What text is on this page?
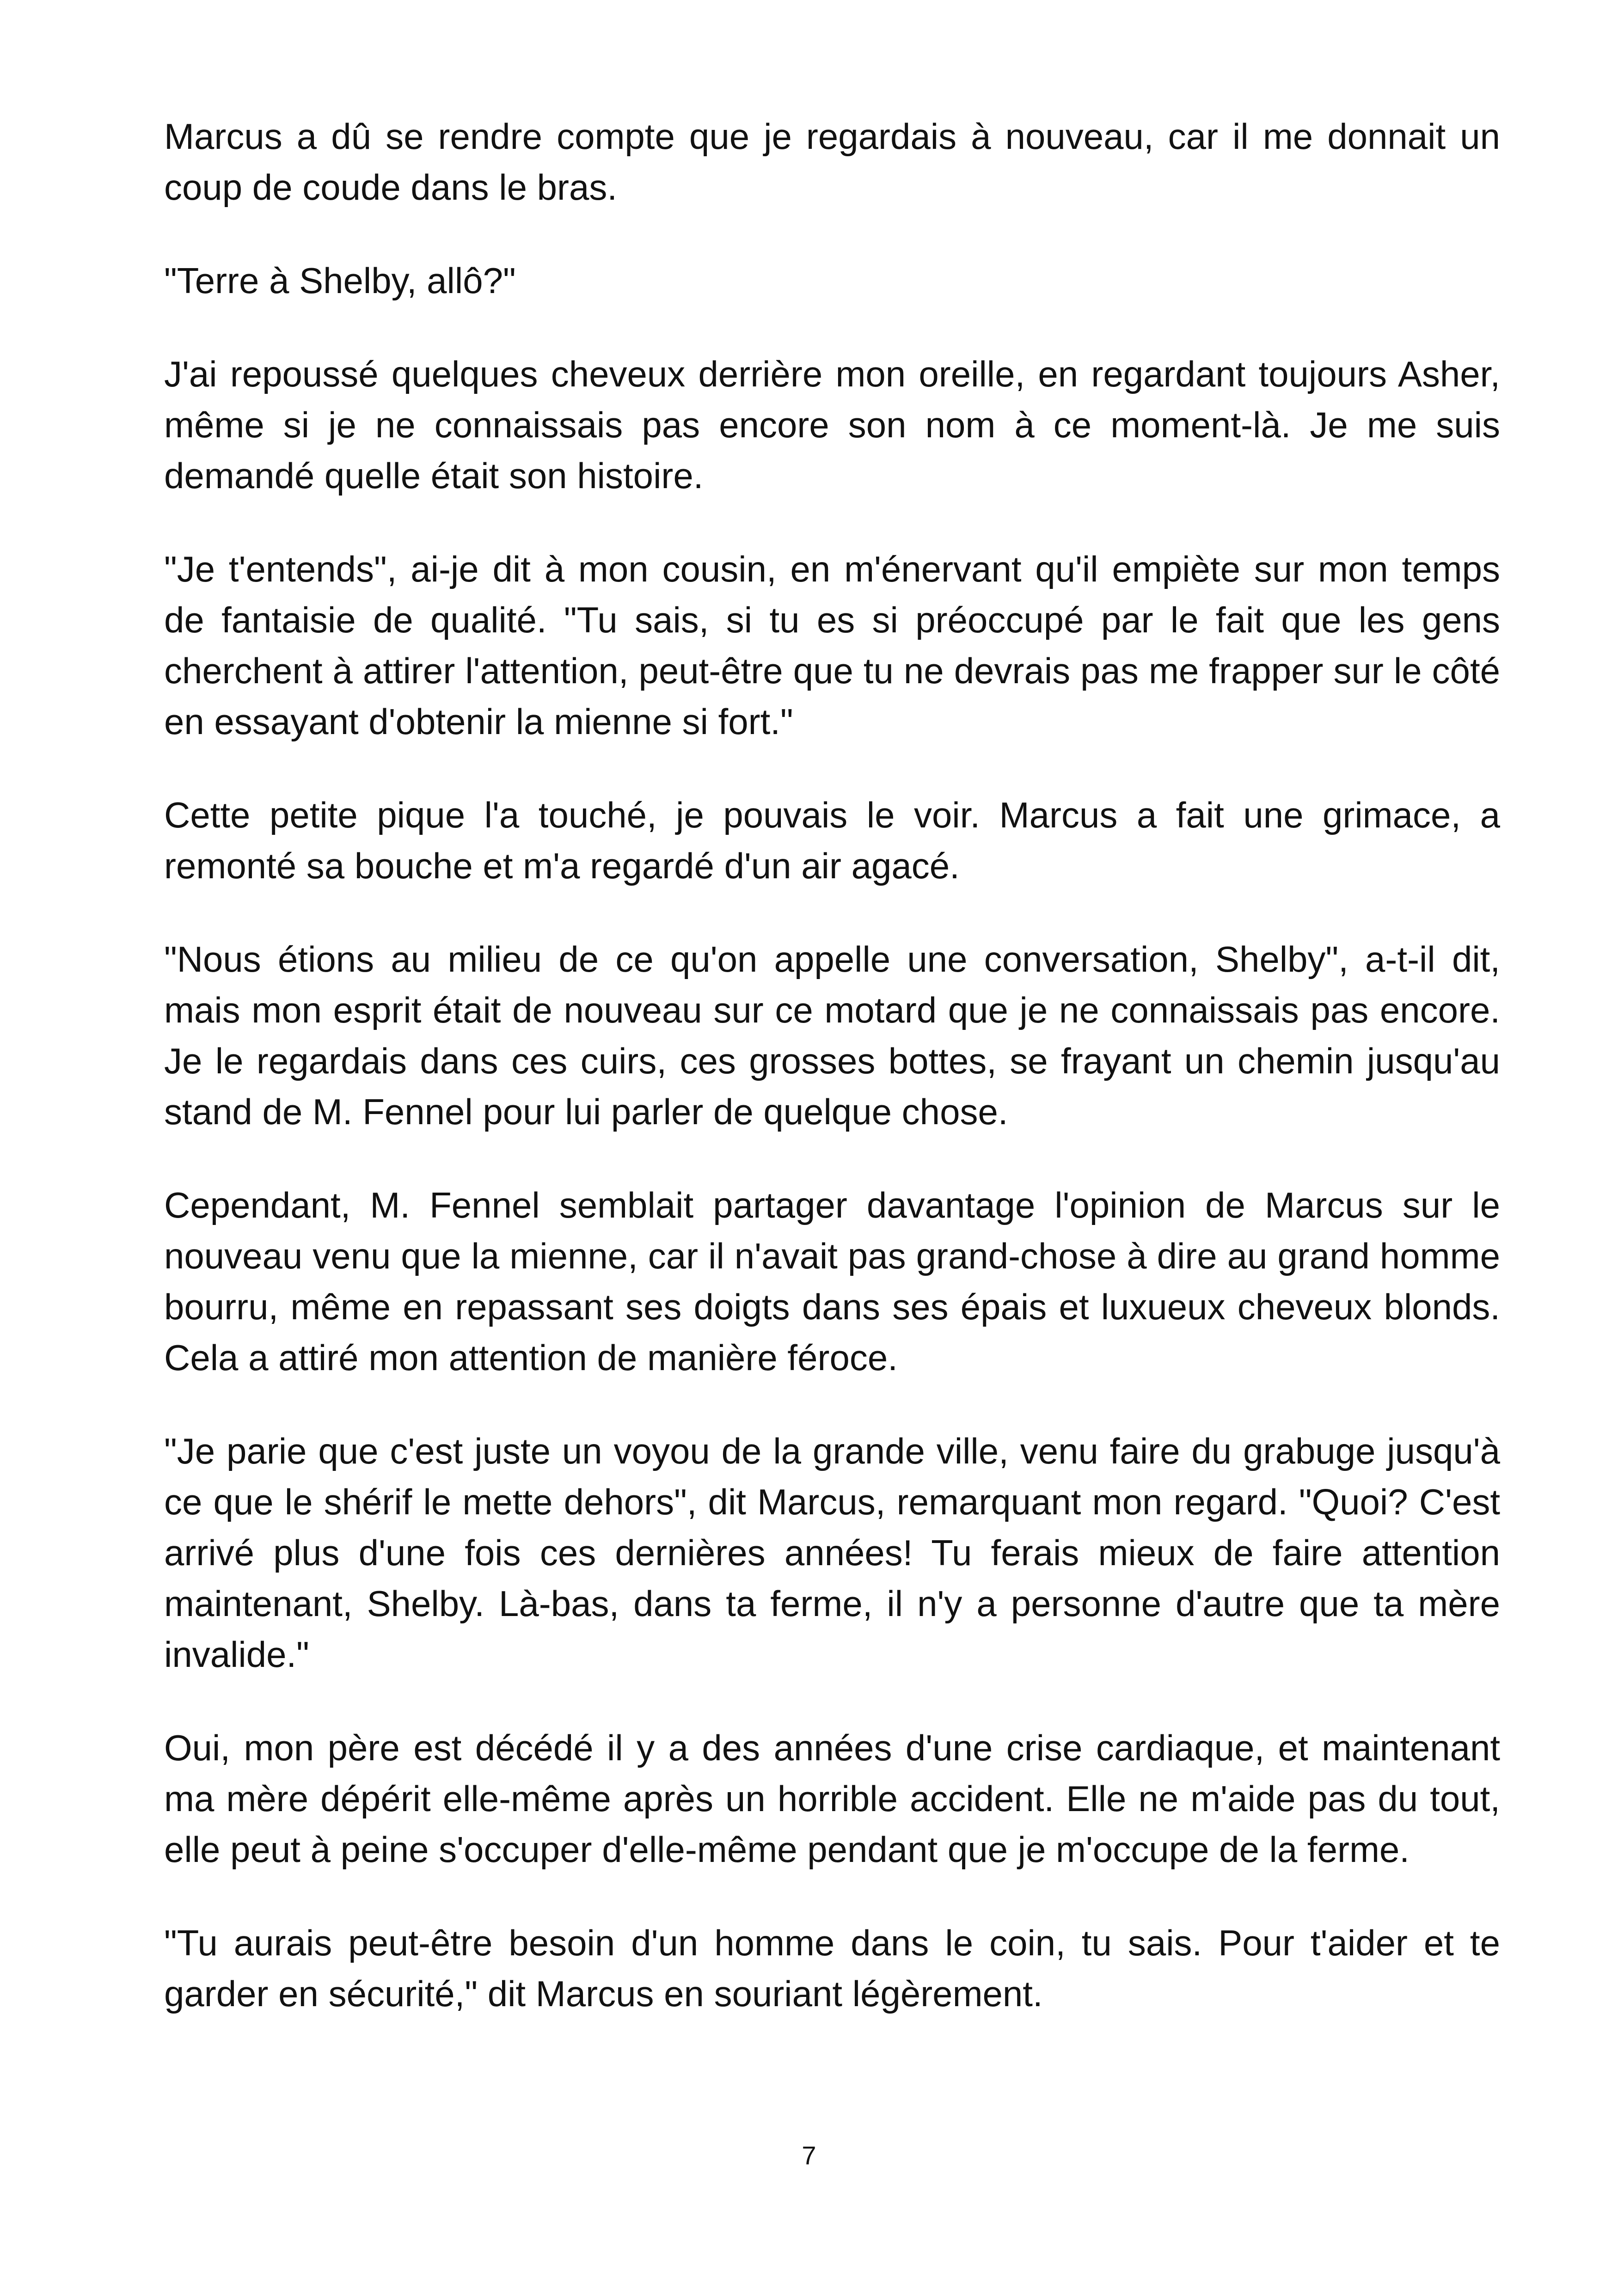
Marcus a dû se rendre compte que je regardais à nouveau, car il me donnait un coup de coude dans le bras.

"Terre à Shelby, allô?"

J'ai repoussé quelques cheveux derrière mon oreille, en regardant toujours Asher, même si je ne connaissais pas encore son nom à ce moment-là. Je me suis demandé quelle était son histoire.

"Je t'entends", ai-je dit à mon cousin, en m'énervant qu'il empiète sur mon temps de fantaisie de qualité. "Tu sais, si tu es si préoccupé par le fait que les gens cherchent à attirer l'attention, peut-être que tu ne devrais pas me frapper sur le côté en essayant d'obtenir la mienne si fort."

Cette petite pique l'a touché, je pouvais le voir. Marcus a fait une grimace, a remonté sa bouche et m'a regardé d'un air agacé.

"Nous étions au milieu de ce qu'on appelle une conversation, Shelby", a-t-il dit, mais mon esprit était de nouveau sur ce motard que je ne connaissais pas encore. Je le regardais dans ces cuirs, ces grosses bottes, se frayant un chemin jusqu'au stand de M. Fennel pour lui parler de quelque chose.

Cependant, M. Fennel semblait partager davantage l'opinion de Marcus sur le nouveau venu que la mienne, car il n'avait pas grand-chose à dire au grand homme bourru, même en repassant ses doigts dans ses épais et luxueux cheveux blonds. Cela a attiré mon attention de manière féroce.

"Je parie que c'est juste un voyou de la grande ville, venu faire du grabuge jusqu'à ce que le shérif le mette dehors", dit Marcus, remarquant mon regard. "Quoi? C'est arrivé plus d'une fois ces dernières années! Tu ferais mieux de faire attention maintenant, Shelby. Là-bas, dans ta ferme, il n'y a personne d'autre que ta mère invalide."

Oui, mon père est décédé il y a des années d'une crise cardiaque, et maintenant ma mère dépérit elle-même après un horrible accident. Elle ne m'aide pas du tout, elle peut à peine s'occuper d'elle-même pendant que je m'occupe de la ferme.

"Tu aurais peut-être besoin d'un homme dans le coin, tu sais. Pour t'aider et te garder en sécurité," dit Marcus en souriant légèrement.

7
